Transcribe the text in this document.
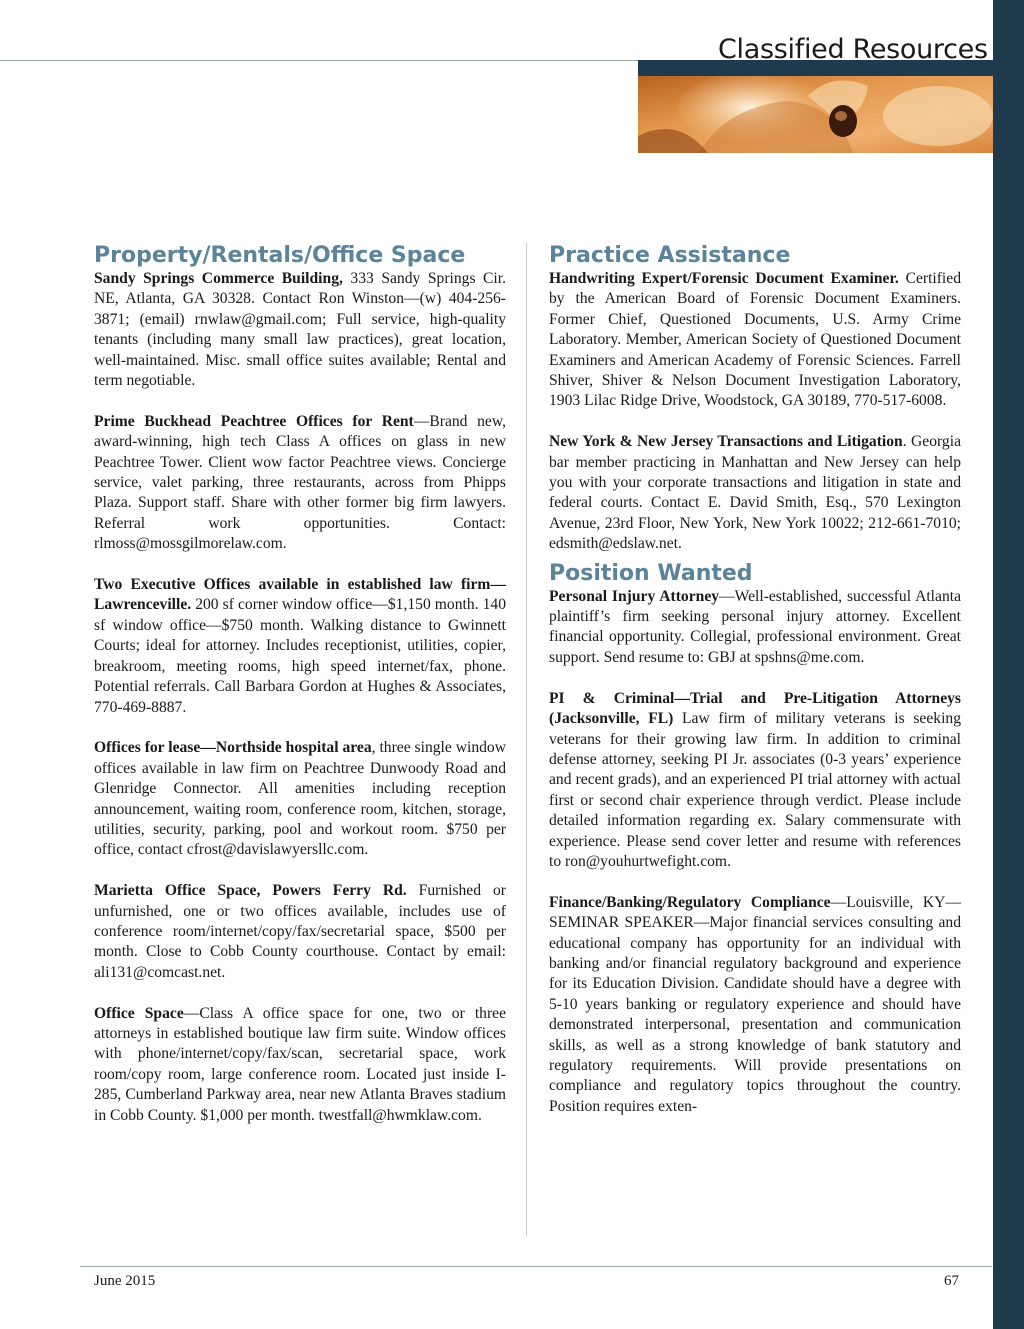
Classified Resources
Property/Rentals/Office Space

Sandy Springs Commerce Building, 333 Sandy Springs Cir. NE, Atlanta, GA 30328. Contact Ron Winston—(w) 404-256-3871; (email) rnwlaw@gmail.com; Full service, high-quality tenants (including many small law practices), great location, well-maintained. Misc. small office suites available; Rental and term negotiable.

Prime Buckhead Peachtree Offices for Rent—Brand new, award-winning, high tech Class A offices on glass in new Peachtree Tower. Client wow factor Peachtree views. Concierge service, valet parking, three restaurants, across from Phipps Plaza. Support staff. Share with other former big firm lawyers. Referral work opportunities. Contact: rlmoss@mossgilmorelaw.com.

Two Executive Offices available in established law firm—Lawrenceville. 200 sf corner window office—$1,150 month. 140 sf window office—$750 month. Walking distance to Gwinnett Courts; ideal for attorney. Includes receptionist, utilities, copier, breakroom, meeting rooms, high speed internet/fax, phone. Potential referrals. Call Barbara Gordon at Hughes & Associates, 770-469-8887.

Offices for lease—Northside hospital area, three single window offices available in law firm on Peachtree Dunwoody Road and Glenridge Connector. All amenities including reception announcement, waiting room, conference room, kitchen, storage, utilities, security, parking, pool and workout room. $750 per office, contact cfrost@davislawyersllc.com.

Marietta Office Space, Powers Ferry Rd. Furnished or unfurnished, one or two offices available, includes use of conference room/internet/copy/fax/secretarial space, $500 per month. Close to Cobb County courthouse. Contact by email: ali131@comcast.net.

Office Space—Class A office space for one, two or three attorneys in established boutique law firm suite. Window offices with phone/internet/copy/fax/scan, secretarial space, work room/copy room, large conference room. Located just inside I-285, Cumberland Parkway area, near new Atlanta Braves stadium in Cobb County. $1,000 per month. twestfall@hwmklaw.com.

Practice Assistance

Handwriting Expert/Forensic Document Examiner. Certified by the American Board of Forensic Document Examiners. Former Chief, Questioned Documents, U.S. Army Crime Laboratory. Member, American Society of Questioned Document Examiners and American Academy of Forensic Sciences. Farrell Shiver, Shiver & Nelson Document Investigation Laboratory, 1903 Lilac Ridge Drive, Woodstock, GA 30189, 770-517-6008.

New York & New Jersey Transactions and Litigation. Georgia bar member practicing in Manhattan and New Jersey can help you with your corporate transactions and litigation in state and federal courts. Contact E. David Smith, Esq., 570 Lexington Avenue, 23rd Floor, New York, New York 10022; 212-661-7010; edsmith@edslaw.net.

Position Wanted

Personal Injury Attorney—Well-established, successful Atlanta plaintiff’s firm seeking personal injury attorney. Excellent financial opportunity. Collegial, professional environment. Great support. Send resume to: GBJ at spshns@me.com.

PI & Criminal—Trial and Pre-Litigation Attorneys (Jacksonville, FL) Law firm of military veterans is seeking veterans for their growing law firm. In addition to criminal defense attorney, seeking PI Jr. associates (0-3 years’ experience and recent grads), and an experienced PI trial attorney with actual first or second chair experience through verdict. Please include detailed information regarding ex. Salary commensurate with experience. Please send cover letter and resume with references to ron@youhurtwefight.com.

Finance/Banking/Regulatory Compliance—Louisville, KY—SEMINAR SPEAKER—Major financial services consulting and educational company has opportunity for an individual with banking and/or financial regulatory background and experience for its Education Division. Candidate should have a degree with 5-10 years banking or regulatory experience and should have demonstrated interpersonal, presentation and communication skills, as well as a strong knowledge of bank statutory and regulatory requirements. Will provide presentations on compliance and regulatory topics throughout the country. Position requires exten-

June 2015	67
